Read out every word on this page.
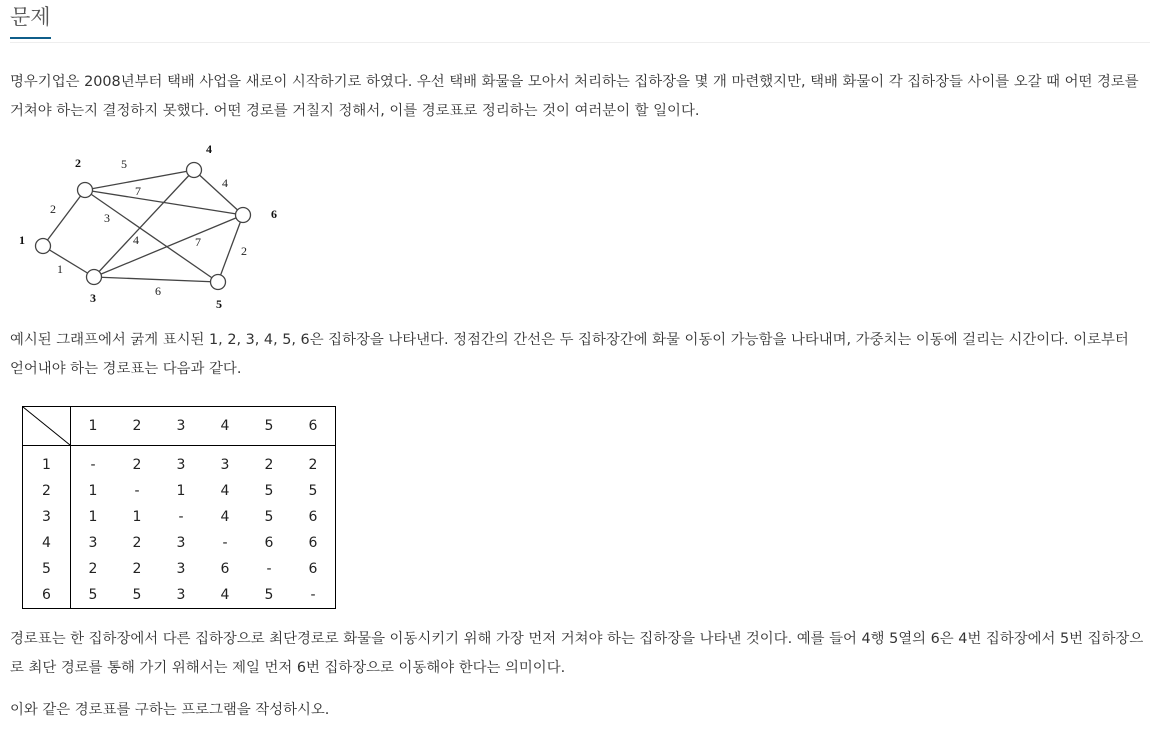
문제

명우기업은 2008년부터 택배 사업을 새로이 시작하기로 하였다. 우선 택배 화물을 모아서 처리하는 집하장을 몇 개 마련했지만, 택배 화물이 각 집하장들 사이를 오갈 때 어떤 경로를 거쳐야 하는지 결정하지 못했다. 어떤 경로를 거칠지 정해서, 이를 경로표로 정리하는 것이 여러분이 할 일이다.

2
1
5
7
3
4	7
6
4
2
1
2
3
4
5
6

예시된 그래프에서 굵게 표시된 1, 2, 3, 4, 5, 6은 집하장을 나타낸다. 정점간의 간선은 두 집하장간에 화물 이동이 가능함을 나타내며, 가중치는 이동에 걸리는 시간이다. 이로부터 얻어내야 하는 경로표는 다음과 같다.

	1	2	3	4	5	6
1	-	2	3	3	2	2
2	1	-	1	4	5	5
3	1	1	-	4	5	6
4	3	2	3	-	6	6
5	2	2	3	6	-	6
6	5	5	3	4	5	-

경로표는 한 집하장에서 다른 집하장으로 최단경로로 화물을 이동시키기 위해 가장 먼저 거쳐야 하는 집하장을 나타낸 것이다. 예를 들어 4행 5열의 6은 4번 집하장에서 5번 집하장으로 최단 경로를 통해 가기 위해서는 제일 먼저 6번 집하장으로 이동해야 한다는 의미이다.

이와 같은 경로표를 구하는 프로그램을 작성하시오.
